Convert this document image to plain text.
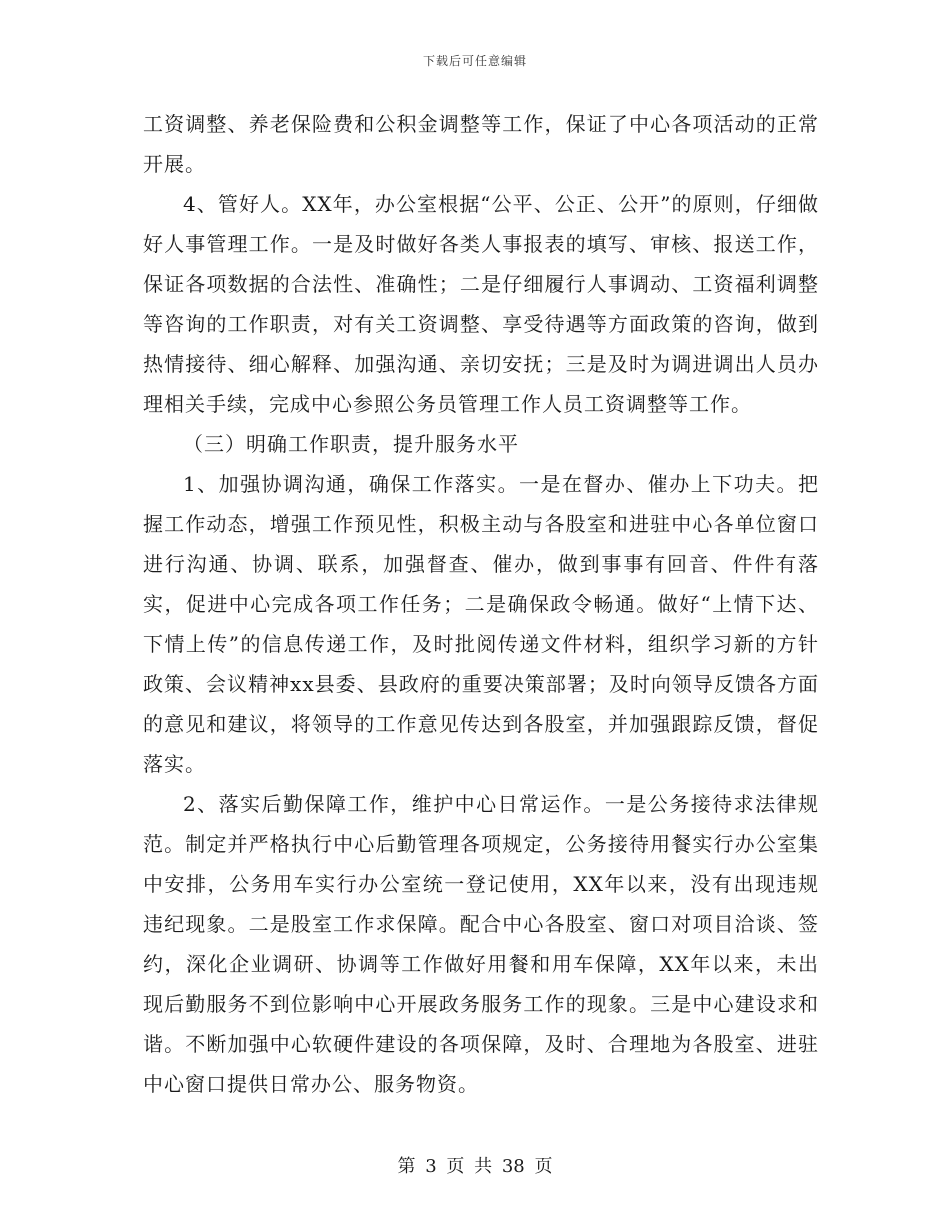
下载后可任意编辑

工资调整、养老保险费和公积金调整等工作，保证了中心各项活动的正常开展。

4、管好人。XX年，办公室根据“公平、公正、公开”的原则，仔细做好人事管理工作。一是及时做好各类人事报表的填写、审核、报送工作，保证各项数据的合法性、准确性；二是仔细履行人事调动、工资福利调整等咨询的工作职责，对有关工资调整、享受待遇等方面政策的咨询，做到热情接待、细心解释、加强沟通、亲切安抚；三是及时为调进调出人员办理相关手续，完成中心参照公务员管理工作人员工资调整等工作。

（三）明确工作职责，提升服务水平

1、加强协调沟通，确保工作落实。一是在督办、催办上下功夫。把握工作动态，增强工作预见性，积极主动与各股室和进驻中心各单位窗口进行沟通、协调、联系，加强督查、催办，做到事事有回音、件件有落实，促进中心完成各项工作任务；二是确保政令畅通。做好“上情下达、下情上传”的信息传递工作，及时批阅传递文件材料，组织学习新的方针政策、会议精神xx县委、县政府的重要决策部署；及时向领导反馈各方面的意见和建议，将领导的工作意见传达到各股室，并加强跟踪反馈，督促落实。

2、落实后勤保障工作，维护中心日常运作。一是公务接待求法律规范。制定并严格执行中心后勤管理各项规定，公务接待用餐实行办公室集中安排，公务用车实行办公室统一登记使用，XX年以来，没有出现违规违纪现象。二是股室工作求保障。配合中心各股室、窗口对项目洽谈、签约，深化企业调研、协调等工作做好用餐和用车保障，XX年以来，未出现后勤服务不到位影响中心开展政务服务工作的现象。三是中心建设求和谐。不断加强中心软硬件建设的各项保障，及时、合理地为各股室、进驻中心窗口提供日常办公、服务物资。

第 3 页 共 38 页
